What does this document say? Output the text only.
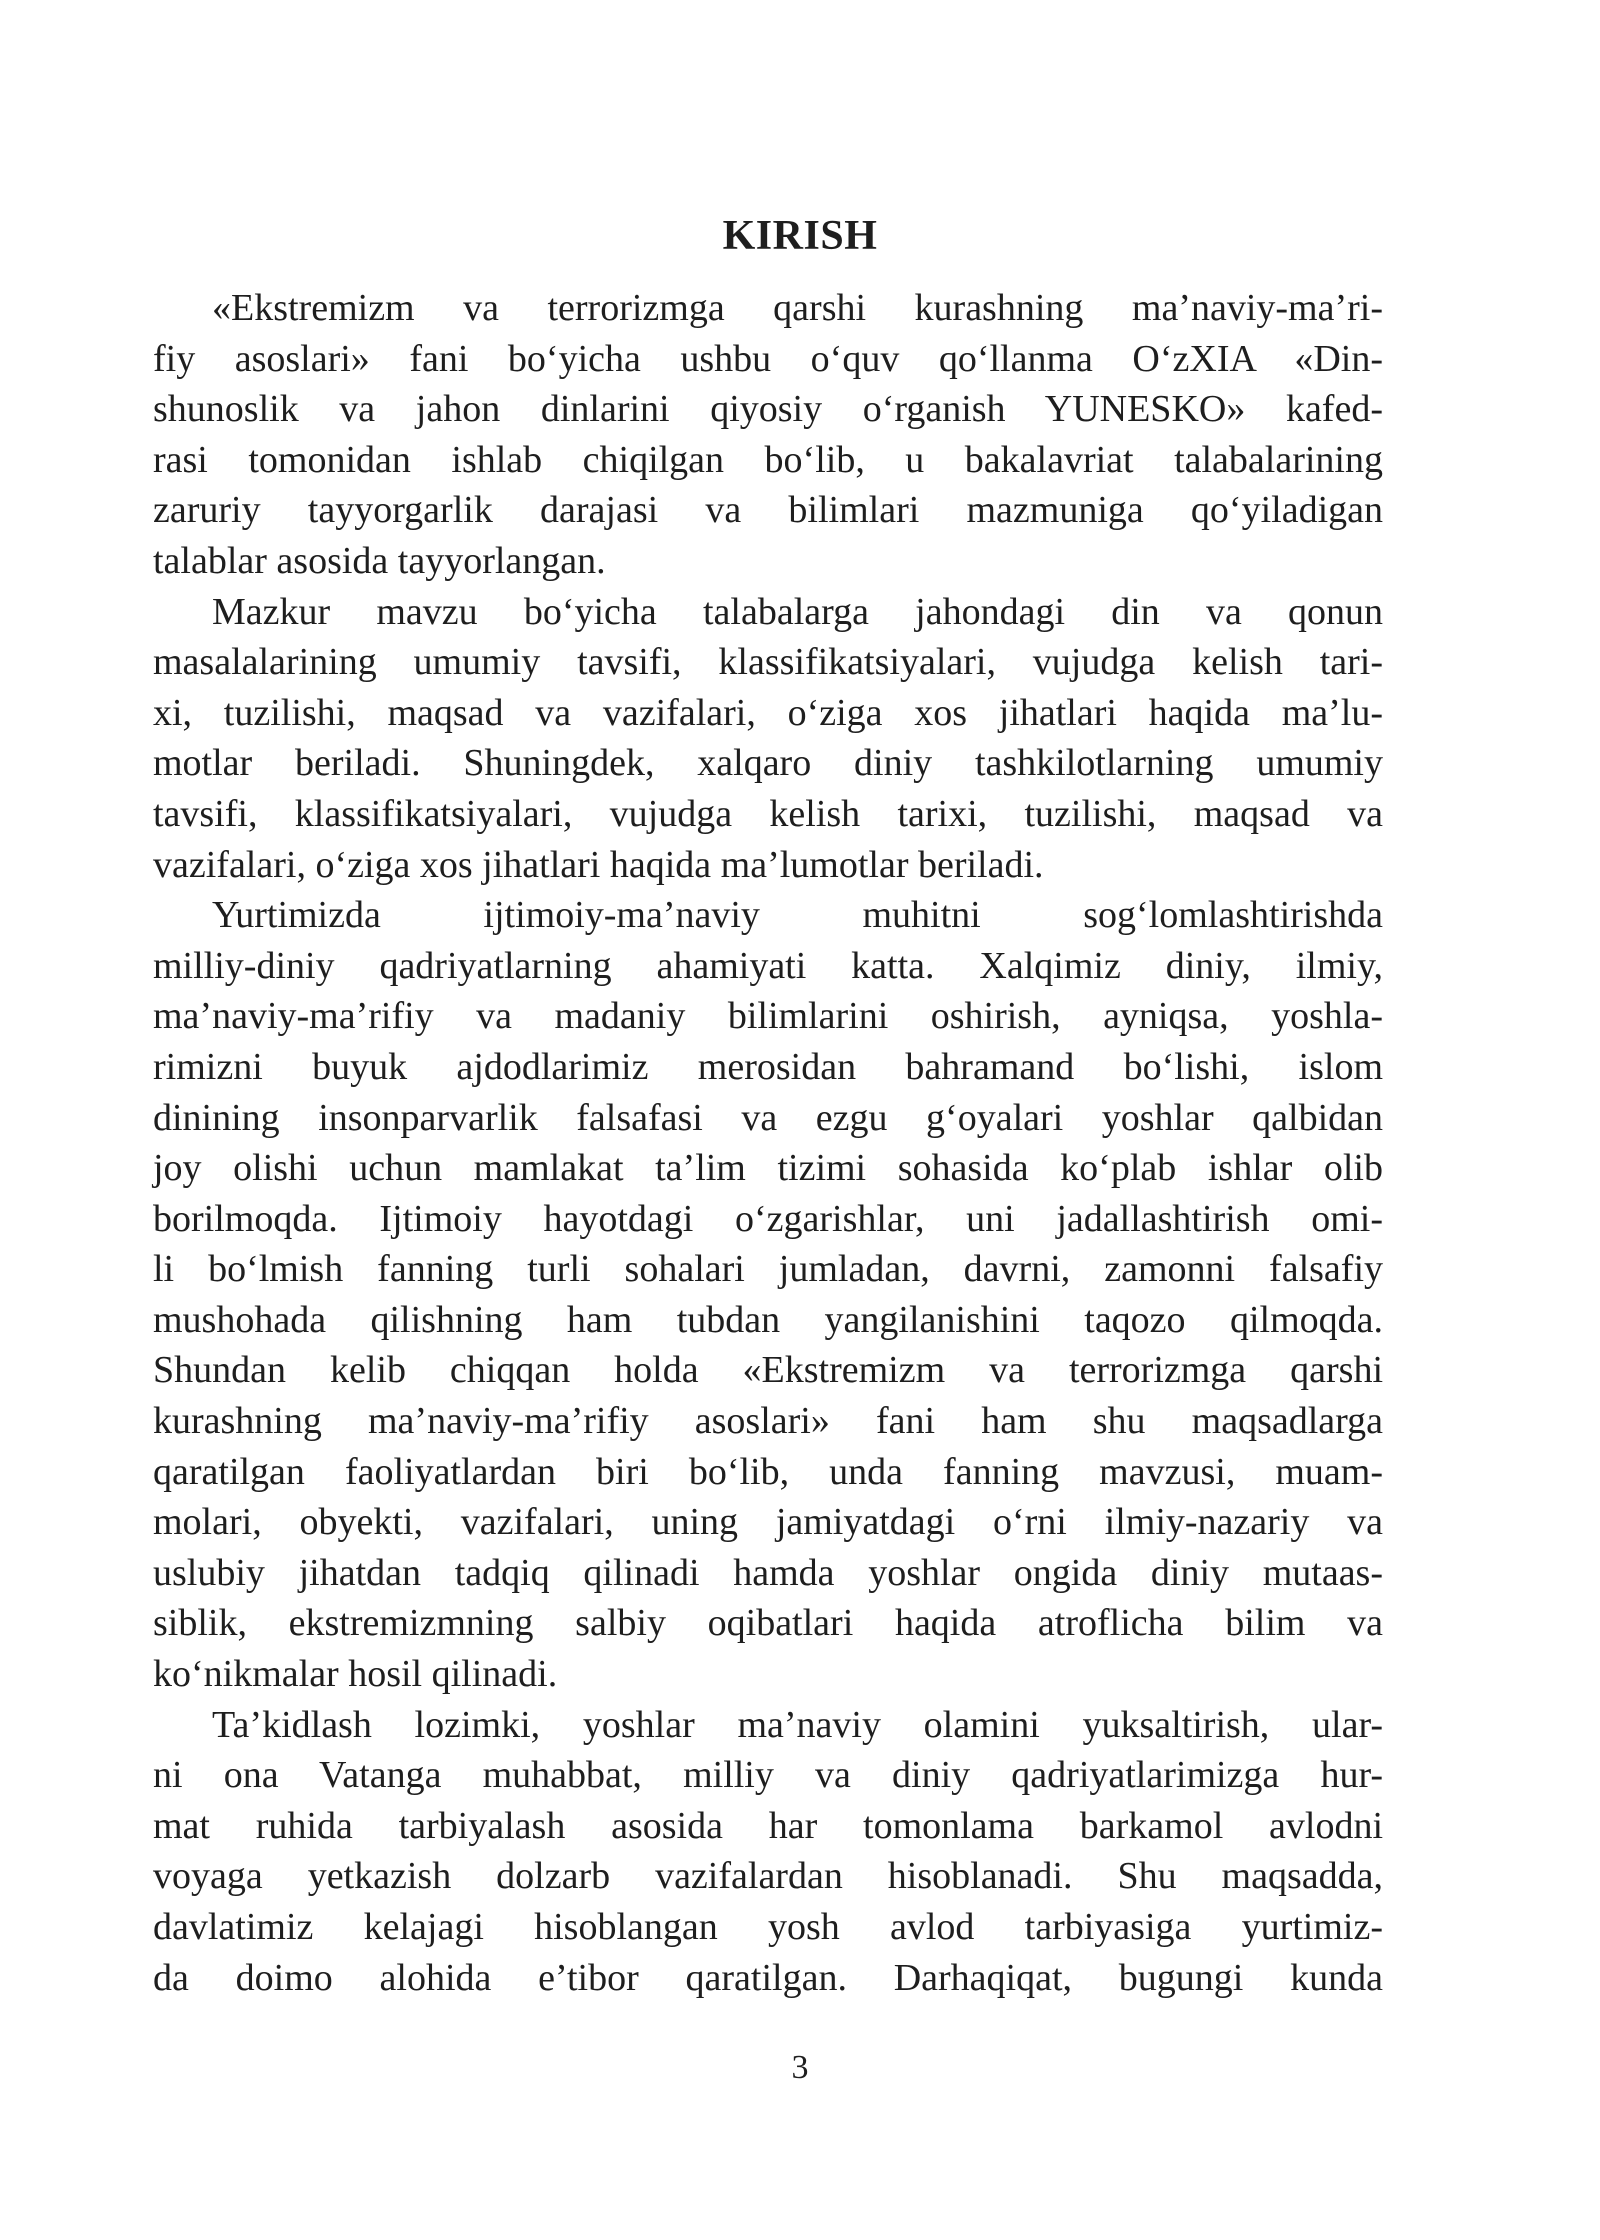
KIRISH
«Ekstremizm va terrorizmga qarshi kurashning ma’naviy-ma’ri-
fiy asoslari» fani bo‘yicha ushbu o‘quv qo‘llanma O‘zXIA «Din-
shunoslik va jahon dinlarini qiyosiy o‘rganish YUNESKO» kafed-
rasi tomonidan ishlab chiqilgan bo‘lib, u bakalavriat talabalarining
zaruriy tayyorgarlik darajasi va bilimlari mazmuniga qo‘yiladigan
talablar asosida tayyorlangan.
Mazkur mavzu bo‘yicha talabalarga jahondagi din va qonun
masalalarining umumiy tavsifi, klassifikatsiyalari, vujudga kelish tari-
xi, tuzilishi, maqsad va vazifalari, o‘ziga xos jihatlari haqida ma’lu-
motlar beriladi. Shuningdek, xalqaro diniy tashkilotlarning umumiy
tavsifi, klassifikatsiyalari, vujudga kelish tarixi, tuzilishi, maqsad va
vazifalari, o‘ziga xos jihatlari haqida ma’lumotlar beriladi.
Yurtimizda ijtimoiy-ma’naviy muhitni sog‘lomlashtirishda
milliy-diniy qadriyatlarning ahamiyati katta. Xalqimiz diniy, ilmiy,
ma’naviy-ma’rifiy va madaniy bilimlarini oshirish, ayniqsa, yoshla-
rimizni buyuk ajdodlarimiz merosidan bahramand bo‘lishi, islom
dinining insonparvarlik falsafasi va ezgu g‘oyalari yoshlar qalbidan
joy olishi uchun mamlakat ta’lim tizimi sohasida ko‘plab ishlar olib
borilmoqda. Ijtimoiy hayotdagi o‘zgarishlar, uni jadallashtirish omi-
li bo‘lmish fanning turli sohalari jumladan, davrni, zamonni falsafiy
mushohada qilishning ham tubdan yangilanishini taqozo qilmoqda.
Shundan kelib chiqqan holda «Ekstremizm va terrorizmga qarshi
kurashning ma’naviy-ma’rifiy asoslari» fani ham shu maqsadlarga
qaratilgan faoliyatlardan biri bo‘lib, unda fanning mavzusi, muam-
molari, obyekti, vazifalari, uning jamiyatdagi o‘rni ilmiy-nazariy va
uslubiy jihatdan tadqiq qilinadi hamda yoshlar ongida diniy mutaas-
siblik, ekstremizmning salbiy oqibatlari haqida atroflicha bilim va
ko‘nikmalar hosil qilinadi.
Ta’kidlash lozimki, yoshlar ma’naviy olamini yuksaltirish, ular-
ni ona Vatanga muhabbat, milliy va diniy qadriyatlarimizga hur-
mat ruhida tarbiyalash asosida har tomonlama barkamol avlodni
voyaga yetkazish dolzarb vazifalardan hisoblanadi. Shu maqsadda,
davlatimiz kelajagi hisoblangan yosh avlod tarbiyasiga yurtimiz-
da doimo alohida e’tibor qaratilgan. Darhaqiqat, bugungi kunda
3
